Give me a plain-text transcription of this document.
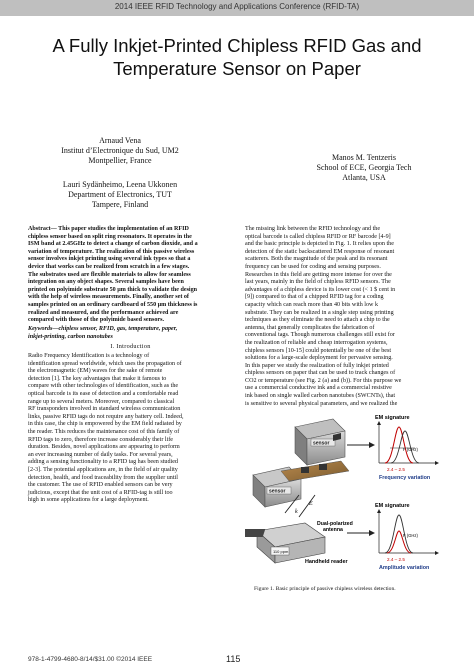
2014 IEEE RFID Technology and Applications Conference (RFID-TA)
A Fully Inkjet-Printed Chipless RFID Gas and
Temperature Sensor on Paper
Arnaud Vena
Institut d’Electronique du Sud, UM2
Montpellier, France
Lauri Sydänheimo, Leena Ukkonen
Department of Electronics, TUT
Tampere, Finland
Manos M. Tentzeris
School of ECE, Georgia Tech
Atlanta, USA
Abstract— This paper studies the implementation of an RFID
chipless sensor based on split ring resonators. It operates in the
ISM band at 2.45GHz to detect a change of carbon dioxide, and a
variation of temperature. The realization of this passive wireless
sensor involves inkjet printing using several ink types so that a
device that works can be realized from scratch in a few stages.
The substrates used are flexible materials to allow for seamless
integration on any object shapes. Several samples have been
printed on polyimide substrate 50 µm thick to validate the design
with the help of wireless measurements. Finally, another set of
samples printed on an ordinary cardboard of 550 µm thickness is
realized and measured, and the performance achieved are
compared with those of the polyimide based sensors.
Keywords—chipless sensor, RFID, gas, temperature, paper,
inkjet-printing, carbon nanotubes
I. Introduction
Radio Frequency Identification is a technology of
identification spread worldwide, which uses the propagation of
the electromagnetic (EM) waves for the sake of remote
detection [1]. The key advantages that make it famous to
compare with other technologies of identification, such as the
optical barcode is its ease of detection and a comfortable read
range up to several meters. Moreover, compared to classical
RF transponders involved in standard wireless communication
links, passive RFID tags do not require any battery cell. Indeed,
in this case, the chip is empowered by the EM field radiated by
the reader. This reduces the maintenance cost of this family of
RFID tags to zero, therefore increase considerably their life
duration. Besides, novel applications are appearing to perform
an ever increasing number of daily tasks. For several years,
adding a sensing functionality to a RFID tag has been studied
[2-3]. The potential applications are, in the field of air quality
detection, health, and food traceability from the supplier until
the customer. The use of RFID enabled sensors can be very
judicious, except that the unit cost of a RFID-tag is still too
high in some applications for a large deployment.
The missing link between the RFID technology and the
optical barcode is called chipless RFID or RF barcode [4-9]
and the basic principle is depicted in Fig. 1. It relies upon the
detection of the static backscattered EM response of resonant
scatterers. Both the magnitude of the peak and its resonant
frequency can be used for coding and sensing purposes.
Researches in this field are getting more intense for over the
last years, mainly in the field of chipless RFID sensors. The
advantages of a chipless device is its lower cost (< 1 $ cent in
[9]) compared to that of a chipped RFID tag for a coding
capacity which can reach more than 40 bits with low k
substrate. They can be realized in a single step using printing
techniques as they eliminate the need to attach a chip to the
antenna, that generally complicates the fabrication of
conventional tags. Though numerous challenges still exist for
the realization of reliable and cheap interrogation systems,
chipless sensors [10-15] could potentially be one of the best
solutions for a large-scale deployment for pervasive sensing.
In this paper we study the realization of fully inkjet printed
chipless sensors on paper that can be used to track changes of
CO2 or temperature (see Fig. 2 (a) and (b)). For this purpose we
use a commercial conductive ink and a commercial resistive
ink based on single walled carbon nanotubes (SWCNTs), that
is sensitive to several physical parameters, and we realized the
sensor
sensor
k
E
110 ppm
Dual-polarized
antenna
Handheld reader
EM signature
F (GHz)
2.4 – 2.5
Frequency variation
EM signature
F (GHz)
2.4 – 2.5
Amplitude variation
Figure 1. Basic principle of passive chipless wireless detection.
978-1-4799-4680-8/14/$31.00 ©2014 IEEE	115
